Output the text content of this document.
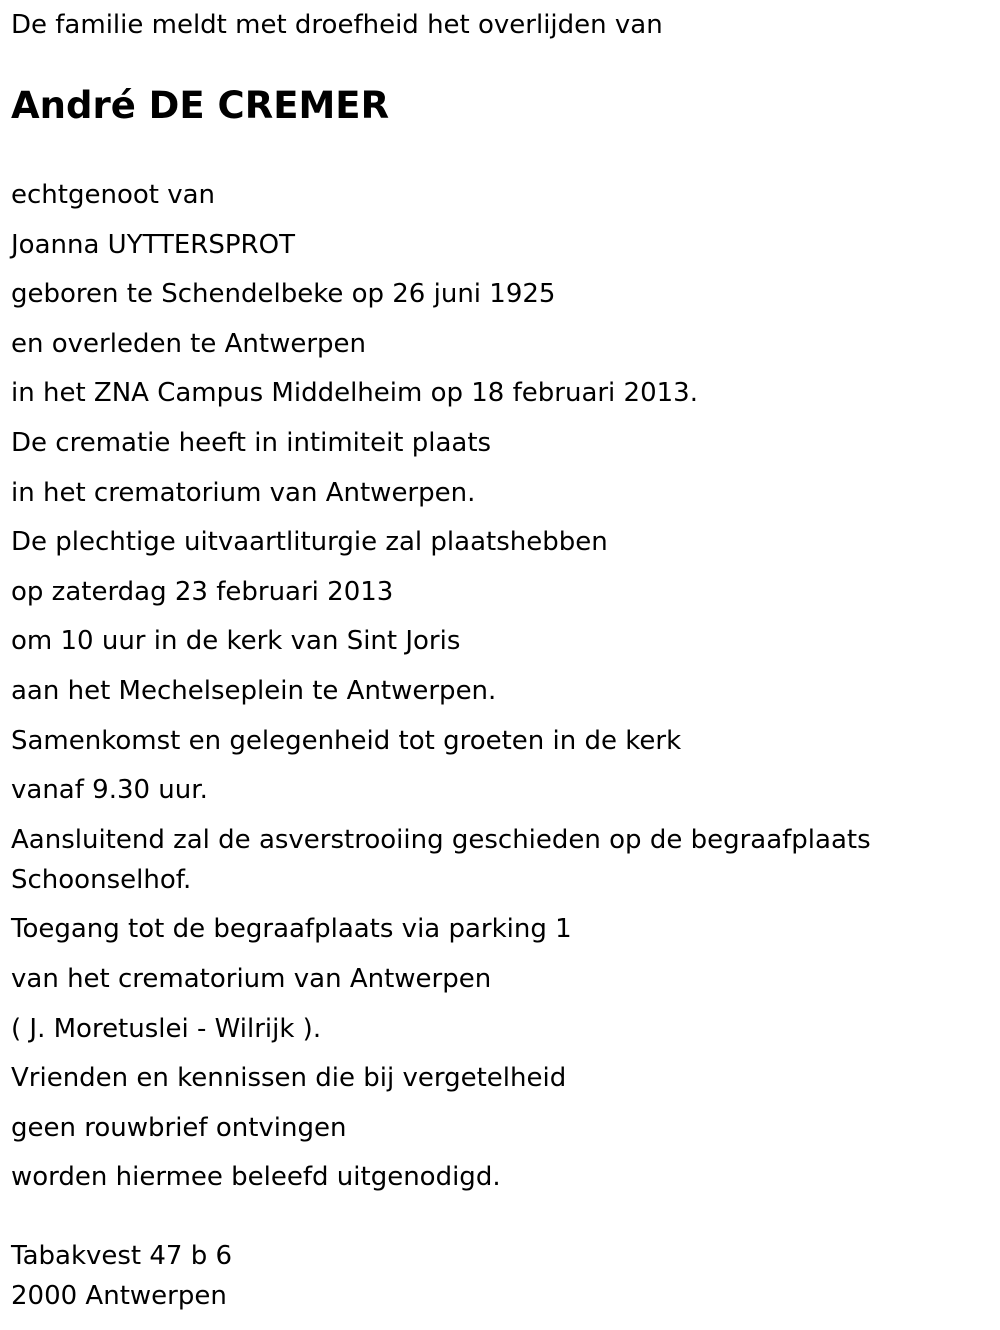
De familie meldt met droefheid het overlijden van

André DE CREMER
echtgenoot van
Joanna UYTTERSPROT
geboren te Schendelbeke op 26 juni 1925
en overleden te Antwerpen
in het ZNA Campus Middelheim op 18 februari 2013.
De crematie heeft in intimiteit plaats
in het crematorium van Antwerpen.
De plechtige uitvaartliturgie zal plaatshebben
op zaterdag 23 februari 2013
om 10 uur in de kerk van Sint Joris
aan het Mechelseplein te Antwerpen.
Samenkomst en gelegenheid tot groeten in de kerk
vanaf 9.30 uur.
Aansluitend zal de asverstrooiing geschieden op de begraafplaats Schoonselhof.
Toegang tot de begraafplaats via parking 1
van het crematorium van Antwerpen
( J. Moretuslei - Wilrijk ).
Vrienden en kennissen die bij vergetelheid
geen rouwbrief ontvingen
worden hiermee beleefd uitgenodigd.
Tabakvest 47 b 6
2000 Antwerpen
